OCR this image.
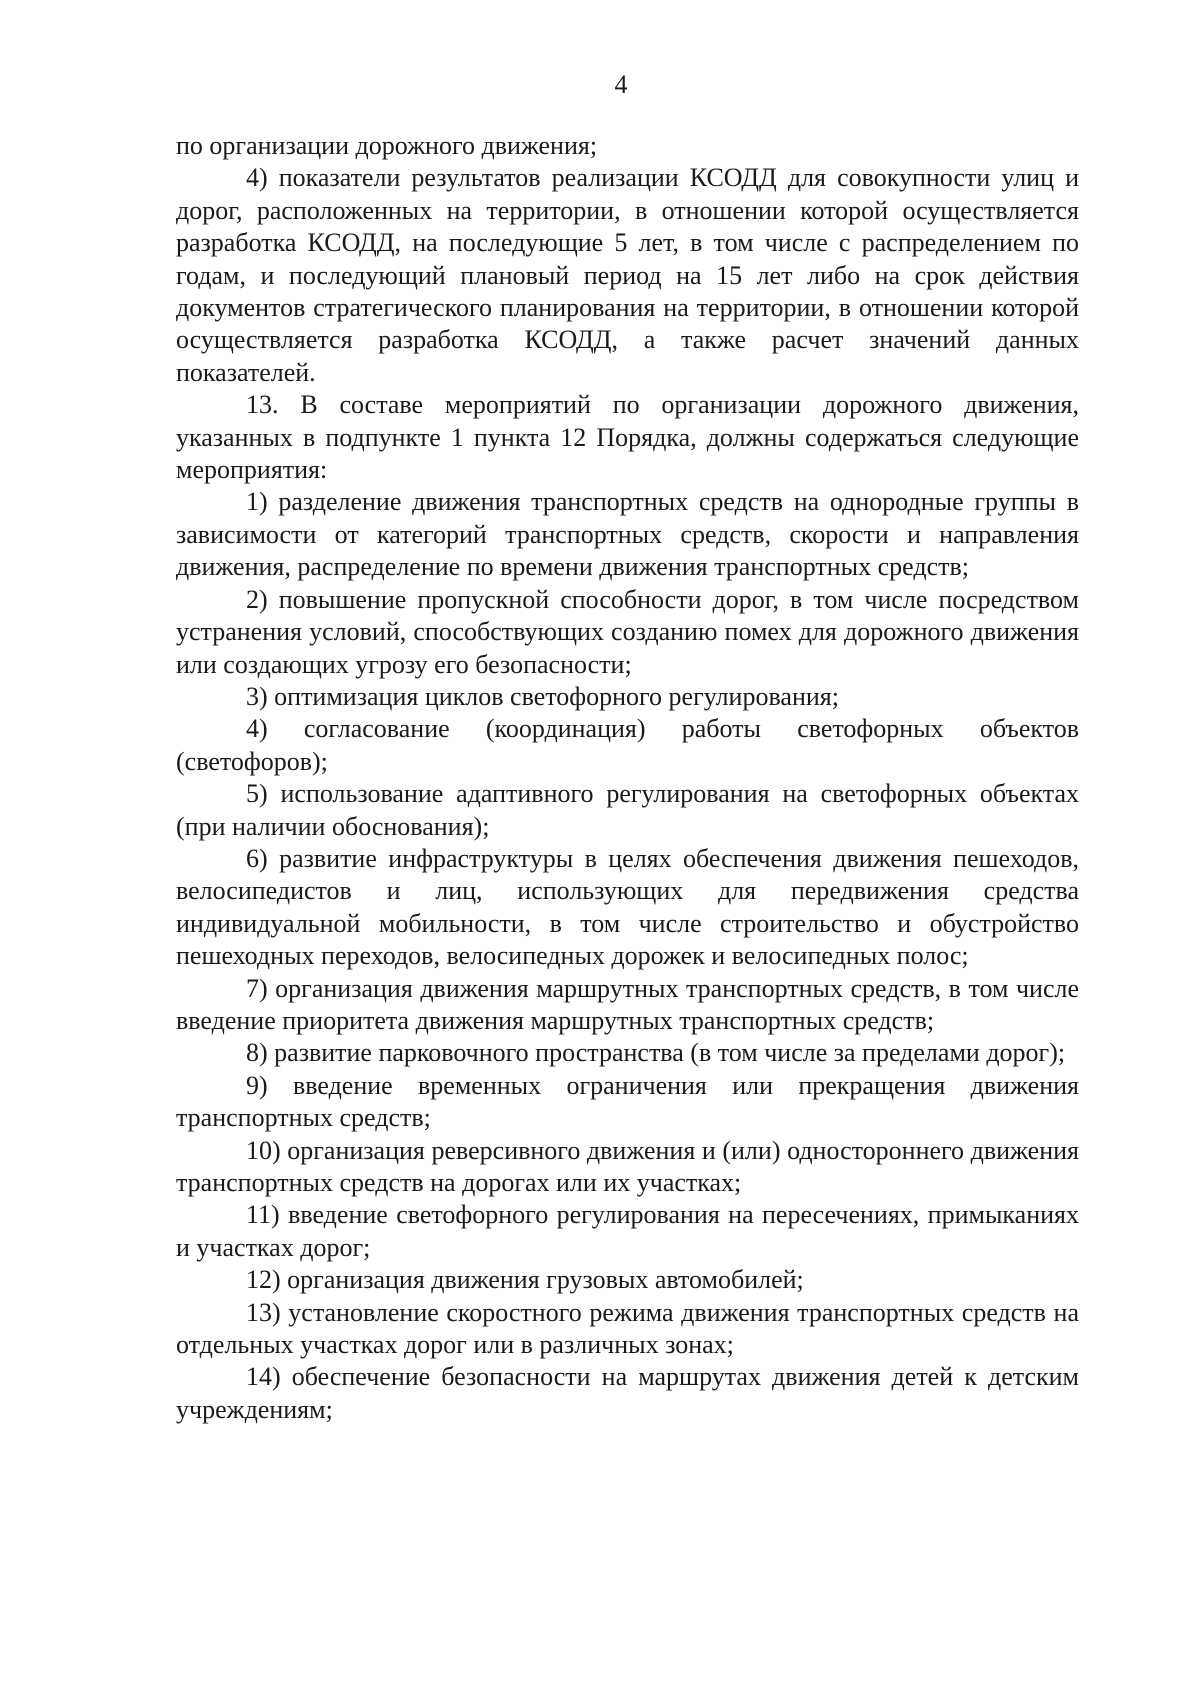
4

по организации дорожного движения;

4) показатели результатов реализации КСОДД для совокупности улиц и дорог, расположенных на территории, в отношении которой осуществляется разработка КСОДД, на последующие 5 лет, в том числе с распределением по годам, и последующий плановый период на 15 лет либо на срок действия документов стратегического планирования на территории, в отношении которой осуществляется разработка КСОДД, а также расчет значений данных показателей.

13. В составе мероприятий по организации дорожного движения, указанных в подпункте 1 пункта 12 Порядка, должны содержаться следующие мероприятия:

1) разделение движения транспортных средств на однородные группы в зависимости от категорий транспортных средств, скорости и направления движения, распределение по времени движения транспортных средств;

2) повышение пропускной способности дорог, в том числе посредством устранения условий, способствующих созданию помех для дорожного движения или создающих угрозу его безопасности;

3) оптимизация циклов светофорного регулирования;

4) согласование (координация) работы светофорных объектов (светофоров);

5) использование адаптивного регулирования на светофорных объектах (при наличии обоснования);

6) развитие инфраструктуры в целях обеспечения движения пешеходов, велосипедистов и лиц, использующих для передвижения средства индивидуальной мобильности, в том числе строительство и обустройство пешеходных переходов, велосипедных дорожек и велосипедных полос;

7) организация движения маршрутных транспортных средств, в том числе введение приоритета движения маршрутных транспортных средств;

8) развитие парковочного пространства (в том числе за пределами дорог);

9) введение временных ограничения или прекращения движения транспортных средств;

10) организация реверсивного движения и (или) одностороннего движения транспортных средств на дорогах или их участках;

11) введение светофорного регулирования на пересечениях, примыканиях и участках дорог;

12) организация движения грузовых автомобилей;

13) установление скоростного режима движения транспортных средств на отдельных участках дорог или в различных зонах;

14) обеспечение безопасности на маршрутах движения детей к детским учреждениям;
